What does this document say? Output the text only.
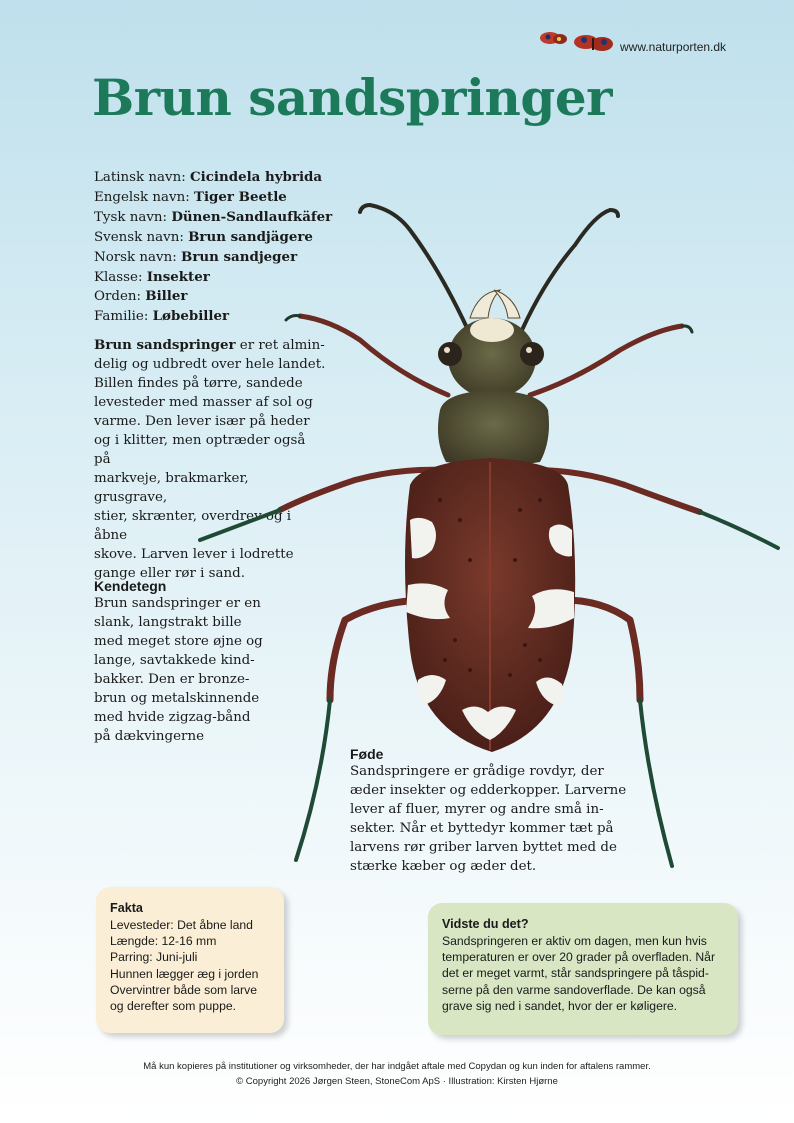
www.naturporten.dk
Brun sandspringer
Latinsk navn: Cicindela hybrida
Engelsk navn: Tiger Beetle
Tysk navn: Dünen-Sandlaufkäfer
Svensk navn: Brun sandjägere
Norsk navn: Brun sandjeger
Klasse: Insekter
Orden: Biller
Familie: Løbebiller
Brun sandspringer er ret almin-
delig og udbredt over hele landet.
Billen findes på tørre, sandede
levesteder med masser af sol og
varme. Den lever især på heder
og i klitter, men optræder også på
markveje, brakmarker, grusgrave,
stier, skrænter, overdrev og i åbne
skove. Larven lever i lodrette
gange eller rør i sand.
Kendetegn
Brun sandspringer er en
slank, langstrakt bille
med meget store øjne og
lange, savtakkede kind-
bakker. Den er bronze-
brun og metalskinnende
med hvide zigzag-bånd
på dækvingerne
Føde
Sandspringere er grådige rovdyr, der
æder insekter og edderkopper. Larverne
lever af fluer, myrer og andre små in-
sekter. Når et byttedyr kommer tæt på
larvens rør griber larven byttet med de
stærke kæber og æder det.
Fakta
Levesteder: Det åbne land
Længde: 12-16 mm
Parring: Juni-juli
Hunnen lægger æg i jorden
Overvintrer både som larve
og derefter som puppe.
Vidste du det?
Sandspringeren er aktiv om dagen, men kun hvis
temperaturen er over 20 grader på overfladen. Når
det er meget varmt, står sandspringere på tåspid-
serne på den varme sandoverflade. De kan også
grave sig ned i sandet, hvor der er køligere.
Må kun kopieres på institutioner og virksomheder, der har indgået aftale med Copydan og kun inden for aftalens rammer.
© Copyright 2026 Jørgen Steen, StoneCom ApS · Illustration: Kirsten Hjørne
